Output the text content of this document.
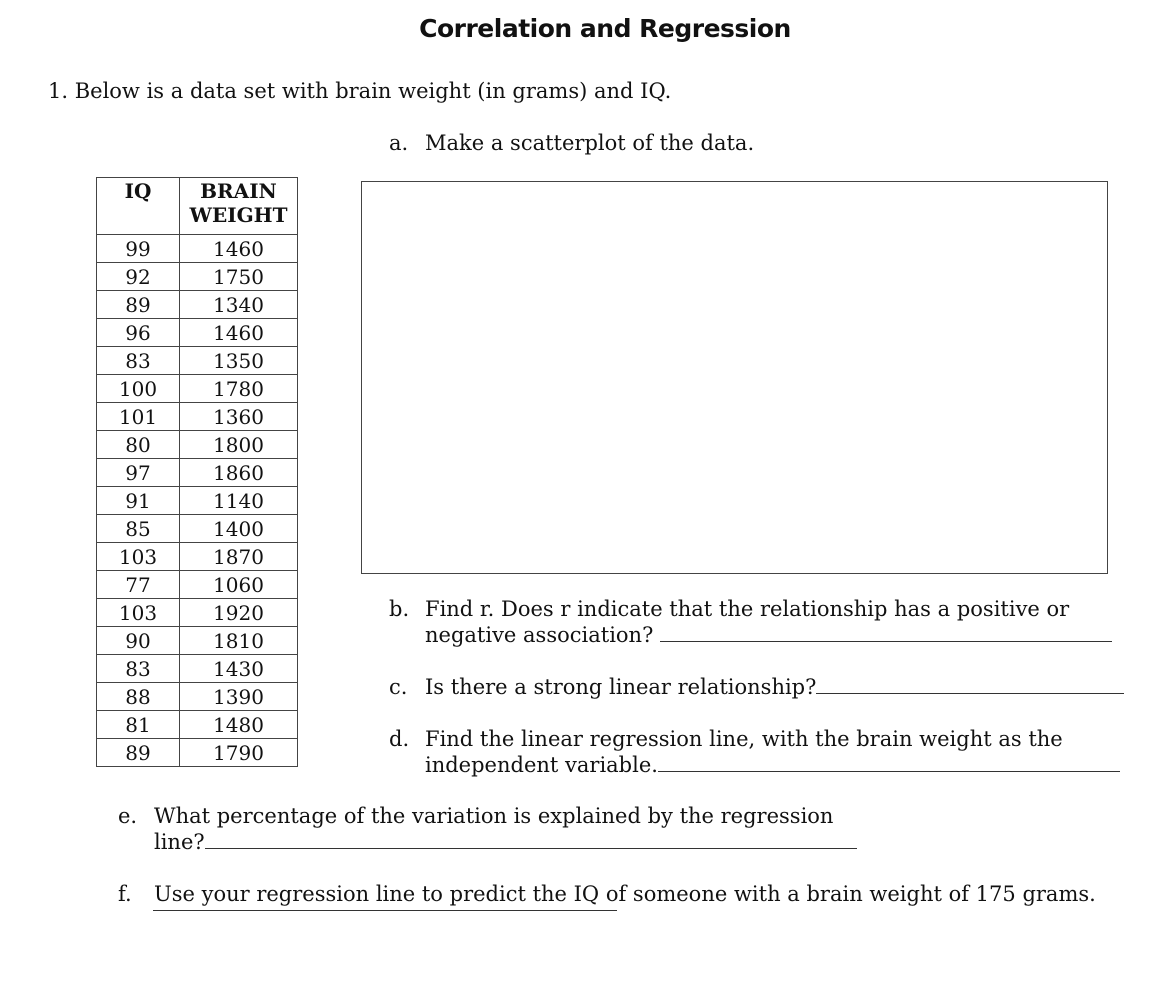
Correlation and Regression
1. Below is a data set with brain weight (in grams) and IQ.
a. Make a scatterplot of the data.
IQ	BRAIN
WEIGHT
99	1460
92	1750
89	1340
96	1460
83	1350
100	1780
101	1360
80	1800
97	1860
91	1140
85	1400
103	1870
77	1060
103	1920
90	1810
83	1430
88	1390
81	1480
89	1790
b. Find r. Does r indicate that the relationship has a positive or
negative association?
c. Is there a strong linear relationship?
d. Find the linear regression line, with the brain weight as the
independent variable.
e. What percentage of the variation is explained by the regression
line?
f. Use your regression line to predict the IQ of someone with a brain weight of 175 grams.
